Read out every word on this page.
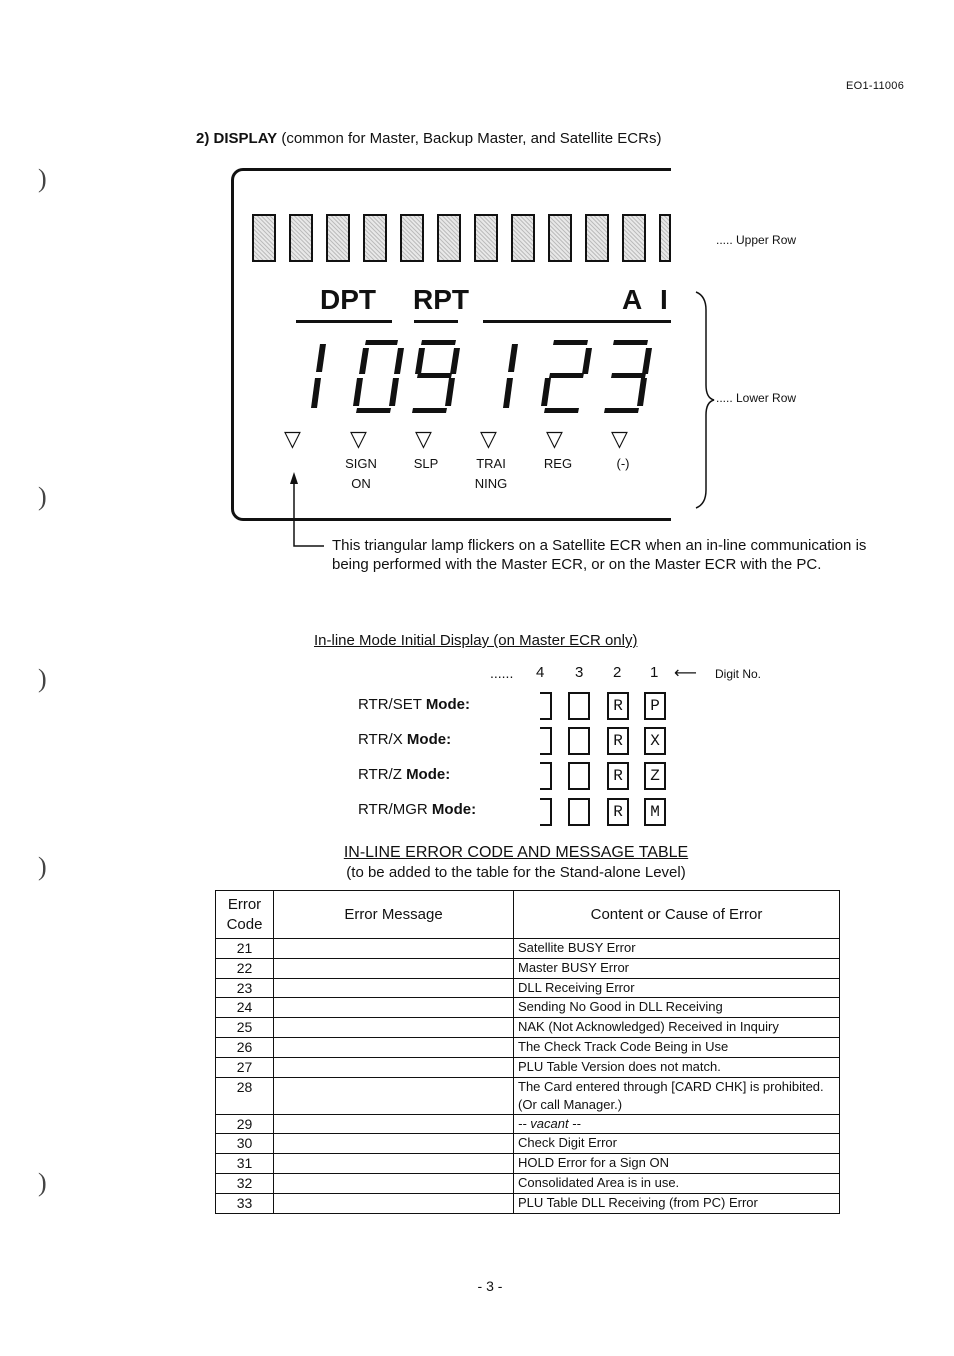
EO1-11006
2) DISPLAY (common for Master, Backup Master, and Satellite ECRs)
)
)
)
)
)
..... Upper Row
DPT RPT	A I
..... Lower Row
▽ ▽ ▽ ▽ ▽ ▽
SIGN
ON
SLP	TRAI
NING
REG	(-)
This triangular lamp flickers on a Satellite ECR when an in-line communication is being performed with the Master ECR, or on the Master ECR with the PC.
In-line Mode Initial Display (on Master ECR only)
...... 4 3 2 1 ⟵ Digit No.
RTR/SET Mode:	R	P
RTR/X Mode:	R	X
RTR/Z Mode:	R	Z
RTR/MGR Mode:	R	M
IN-LINE ERROR CODE AND MESSAGE TABLE
(to be added to the table for the Stand-alone Level)
Error Code	Error Message	Content or Cause of Error
21		Satellite BUSY Error
22		Master BUSY Error
23		DLL Receiving Error
24		Sending No Good in DLL Receiving
25		NAK (Not Acknowledged) Received in Inquiry
26		The Check Track Code Being in Use
27		PLU Table Version does not match.
28		The Card entered through [CARD CHK] is prohibited. (Or call Manager.)
29		-- vacant --
30		Check Digit Error
31		HOLD Error for a Sign ON
32		Consolidated Area is in use.
33		PLU Table DLL Receiving (from PC) Error
- 3 -
